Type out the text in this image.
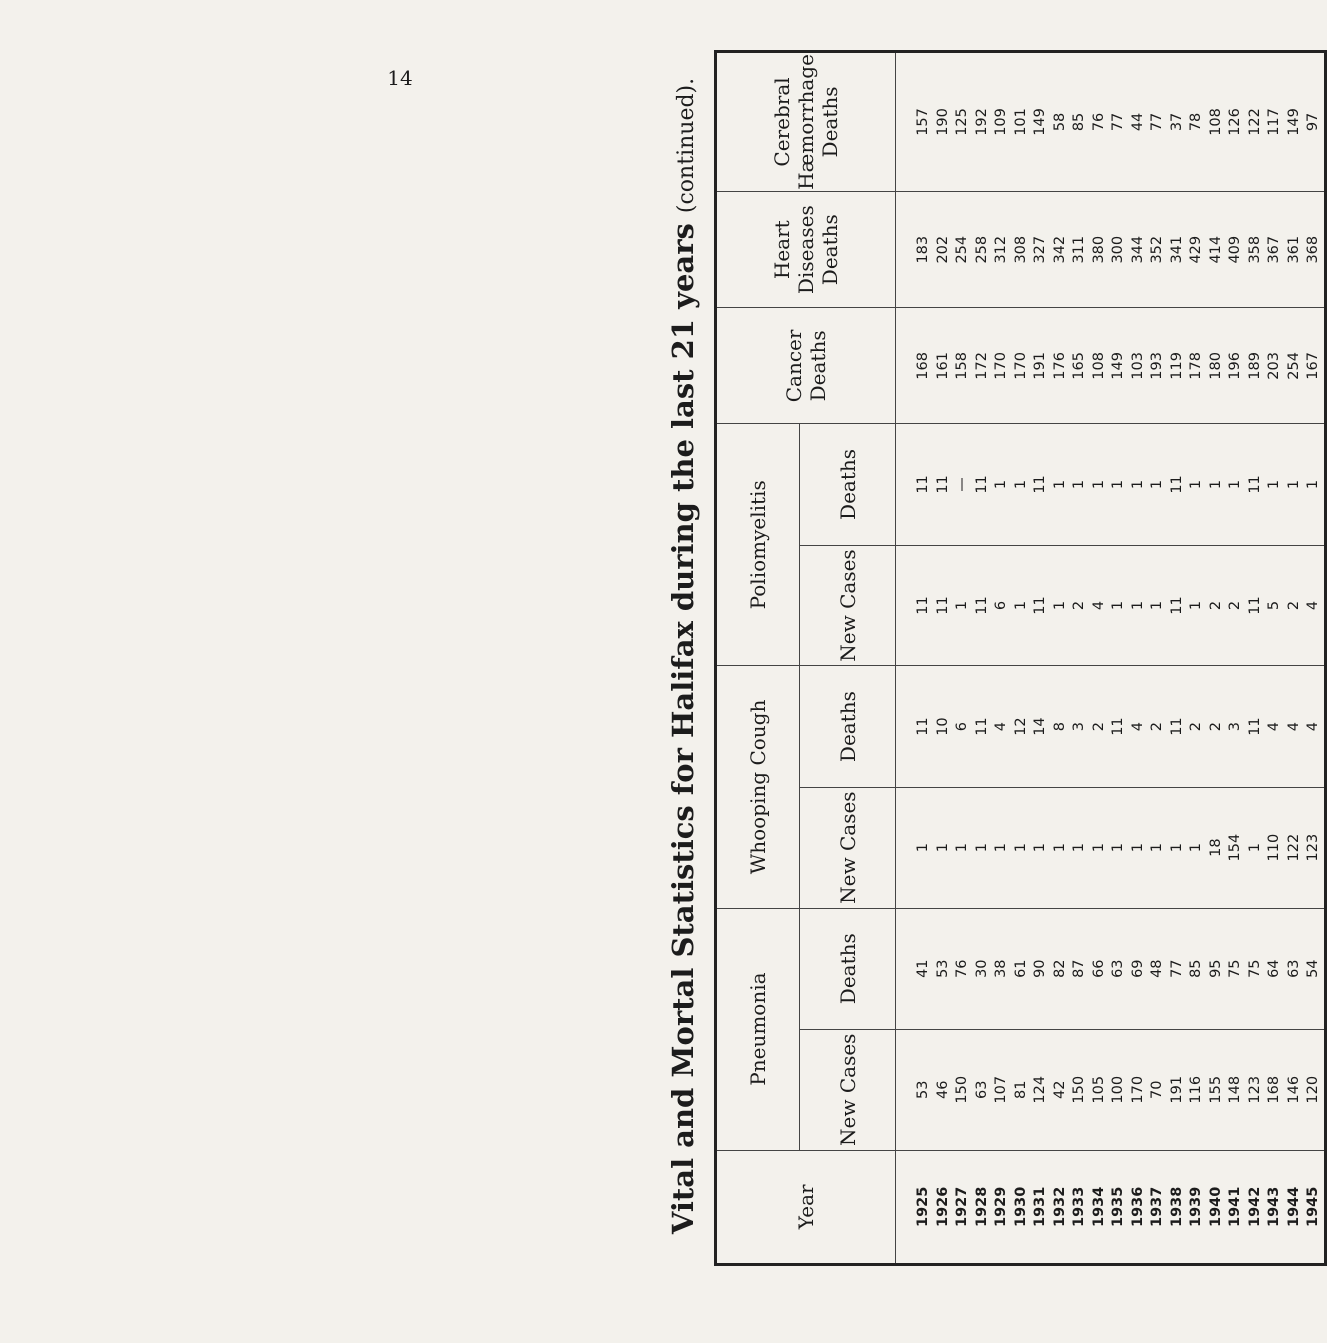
14
Vital and Mortal Statistics for Halifax during the last 21 years (continued).
Year	Pneumonia		Whooping Cough		Poliomyelitis		Cancer Deaths	Heart Diseases Deaths	Cerebral Hæmorrhage Deaths
	New Cases	Deaths	New Cases	Deaths	New Cases	Deaths			
1925	53	41	1	11	11	11	168	183	157
1926	46	53	1	10	11	11	161	202	190
1927	150	76	1	6	1	—	158	254	125
1928	63	30	1	11	11	11	172	258	192
1929	107	38	1	4	6	1	170	312	109
1930	81	61	1	12	1	1	170	308	101
1931	124	90	1	14	11	11	191	327	149
1932	42	82	1	8	1	1	176	342	58
1933	150	87	1	3	2	1	165	311	85
1934	105	66	1	2	4	1	108	380	76
1935	100	63	1	11	1	1	149	300	77
1936	170	69	1	4	1	1	103	344	44
1937	70	48	1	2	1	1	193	352	77
1938	191	77	1	11	11	11	119	341	37
1939	116	85	1	2	1	1	178	429	78
1940	155	95	18	2	2	1	180	414	108
1941	148	75	154	3	2	1	196	409	126
1942	123	75	1	11	11	11	189	358	122
1943	168	64	110	4	5	1	203	367	117
1944	146	63	122	4	2	1	254	361	149
1945	120	54	123	4	4	1	167	368	97
